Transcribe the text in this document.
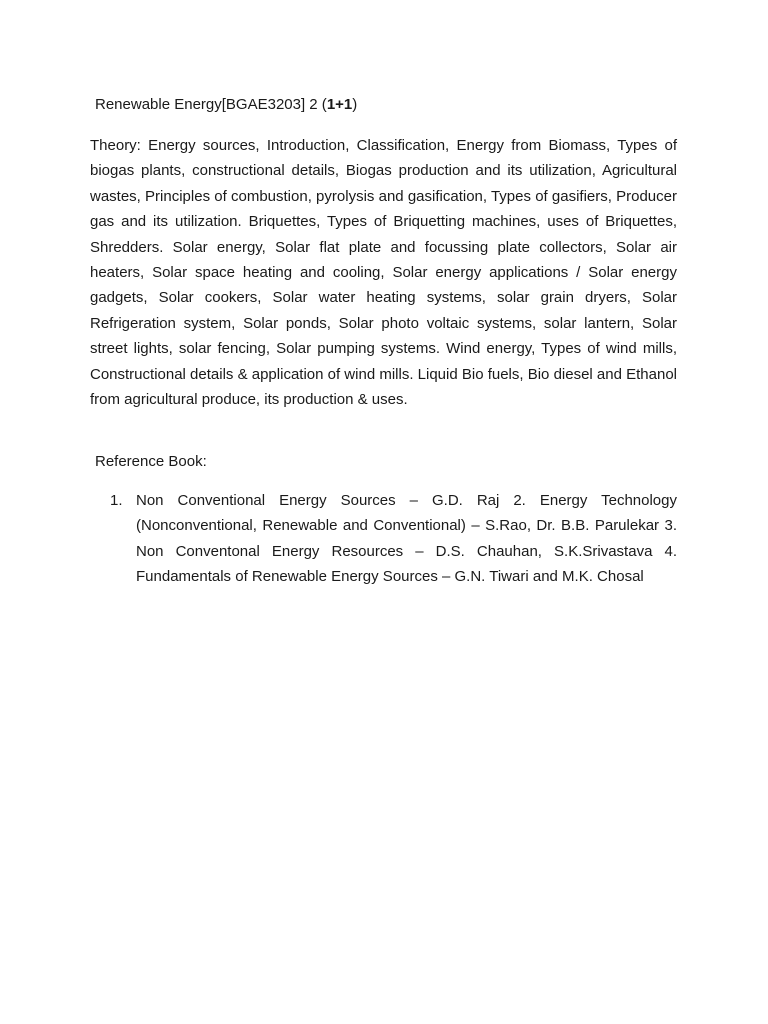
Renewable Energy[BGAE3203] 2 (1+1)

Theory: Energy sources, Introduction, Classification, Energy from Biomass, Types of biogas plants, constructional details, Biogas production and its utilization, Agricultural wastes, Principles of combustion, pyrolysis and gasification, Types of gasifiers, Producer gas and its utilization. Briquettes, Types of Briquetting machines, uses of Briquettes, Shredders. Solar energy, Solar flat plate and focussing plate collectors, Solar air heaters, Solar space heating and cooling, Solar energy applications / Solar energy gadgets, Solar cookers, Solar water heating systems, solar grain dryers, Solar Refrigeration system, Solar ponds, Solar photo voltaic systems, solar lantern, Solar street lights, solar fencing, Solar pumping systems. Wind energy, Types of wind mills, Constructional details & application of wind mills. Liquid Bio fuels, Bio diesel and Ethanol from agricultural produce, its production & uses.

Reference Book:

1. Non Conventional Energy Sources – G.D. Raj 2. Energy Technology (Nonconventional, Renewable and Conventional) – S.Rao, Dr. B.B. Parulekar 3. Non Conventonal Energy Resources – D.S. Chauhan, S.K.Srivastava 4. Fundamentals of Renewable Energy Sources – G.N. Tiwari and M.K. Chosal
